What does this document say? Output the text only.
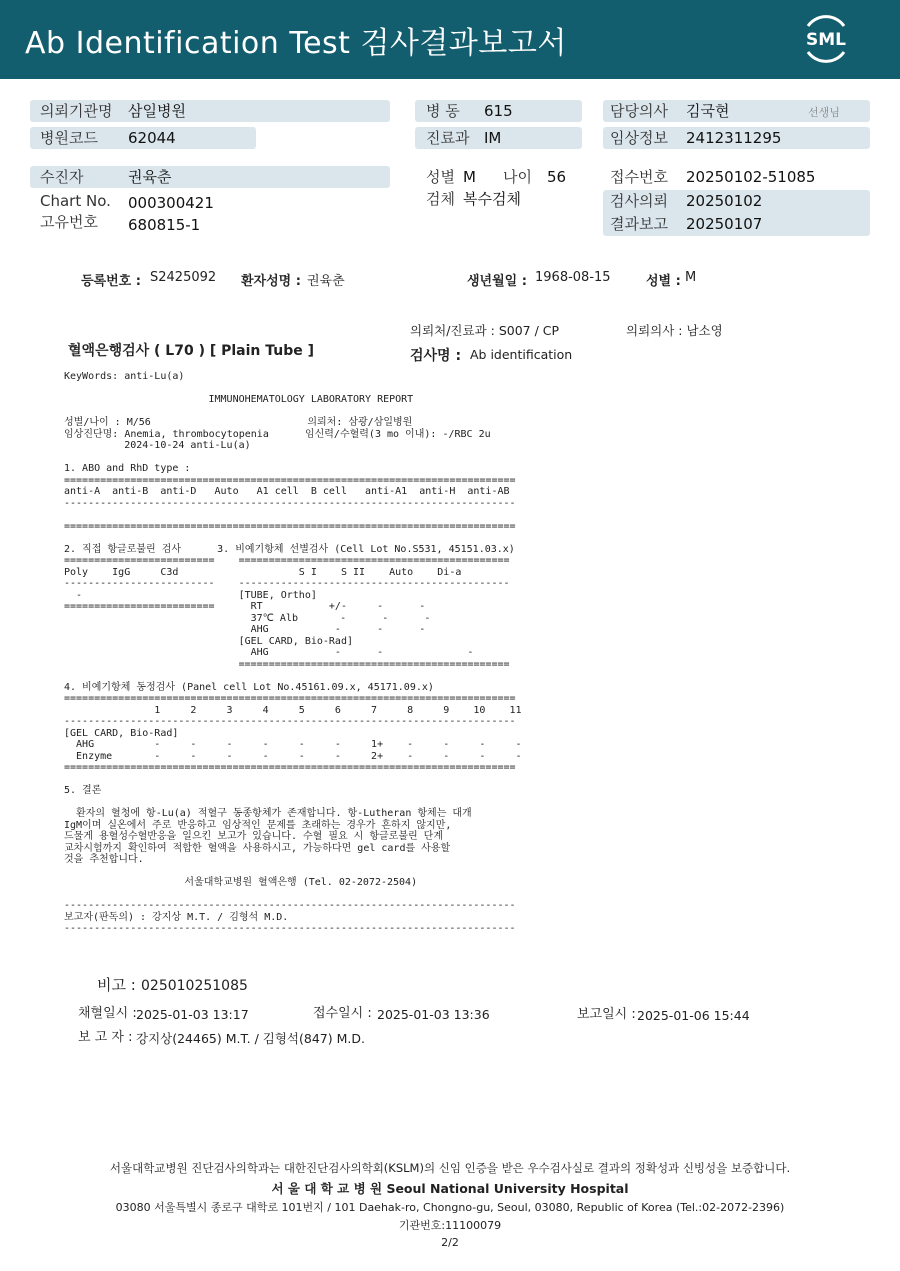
Ab Identification Test 검사결과보고서	SML
의뢰기관명 삼일병원
병원코드 62044
병 동 615
진료과 IM
담당의사 김국현	선생님
임상정보 2412311295
수진자	권육춘
Chart No. 000300421
고유번호 680815-1
성별 M 나이 56
검체 복수검체
접수번호 20250102-51085
검사의뢰 20250102
결과보고 20250107
등록번호 : S2425092 환자성명 : 권육춘	생년월일 : 1968-08-15	성별 : M
의뢰처/진료과 : S007 / CP	의뢰의사 : 남소영
혈액은행검사 ( L70 ) [ Plain Tube ]	검사명 : Ab identification
KeyWords: anti-Lu(a)

IMMUNOHEMATOLOGY LABORATORY REPORT

성별/나이 : M/56                          의뢰처: 삼광/삼일병원
임상진단명: Anemia, thrombocytopenia      임신력/수혈력(3 mo 이내): -/RBC 2u
2024-10-24 anti-Lu(a)

1. ABO and RhD type :
===========================================================================
anti-A  anti-B  anti-D   Auto   A1 cell  B cell   anti-A1  anti-H  anti-AB
---------------------------------------------------------------------------

===========================================================================

2. 직접 항글로불린 검사      3. 비예기항체 선별검사 (Cell Lot No.S531, 45151.03.x)
=========================    =============================================
Poly    IgG     C3d                    S I    S II    Auto    Di-a
-------------------------    ---------------------------------------------
-                          [TUBE, Ortho]
=========================      RT           +/-     -      -
37℃ Alb       -      -      -
AHG           -      -      -
[GEL CARD, Bio-Rad]
AHG           -      -              -
=============================================

4. 비예기항체 동정검사 (Panel cell Lot No.45161.09.x, 45171.09.x)
===========================================================================
1     2     3     4     5     6     7     8     9    10    11
---------------------------------------------------------------------------
[GEL CARD, Bio-Rad]
AHG          -     -     -     -     -     -     1+    -     -     -     -
Enzyme       -     -     -     -     -     -     2+    -     -     -     -
===========================================================================

5. 결론

환자의 혈청에 항-Lu(a) 적혈구 동종항체가 존재합니다. 항-Lutheran 항체는 대개
IgM이며 실온에서 주로 반응하고 임상적인 문제를 초래하는 경우가 흔하지 않지만,
드물게 용혈성수혈반응을 일으킨 보고가 있습니다. 수혈 필요 시 항글로불린 단계
교차시험까지 확인하여 적합한 혈액을 사용하시고, 가능하다면 gel card를 사용할
것을 추천합니다.

서울대학교병원 혈액은행 (Tel. 02-2072-2504)

---------------------------------------------------------------------------
보고자(판독의) : 강지상 M.T. / 김형석 M.D.
---------------------------------------------------------------------------
비고 : 025010251085
채혈일시 : 2025-01-03 13:17	접수일시 : 2025-01-03 13:36	보고일시 : 2025-01-06 15:44
보 고 자 : 강지상(24465) M.T. / 김형석(847) M.D.
서울대학교병원 진단검사의학과는 대한진단검사의학회(KSLM)의 신임 인증을 받은 우수검사실로 결과의 정확성과 신빙성을 보증합니다.
서 울 대 학 교 병 원 Seoul National University Hospital
03080 서울특별시 종로구 대학로 101번지 / 101 Daehak-ro, Chongno-gu, Seoul, 03080, Republic of Korea (Tel.:02-2072-2396)
기관번호:11100079
2/2
